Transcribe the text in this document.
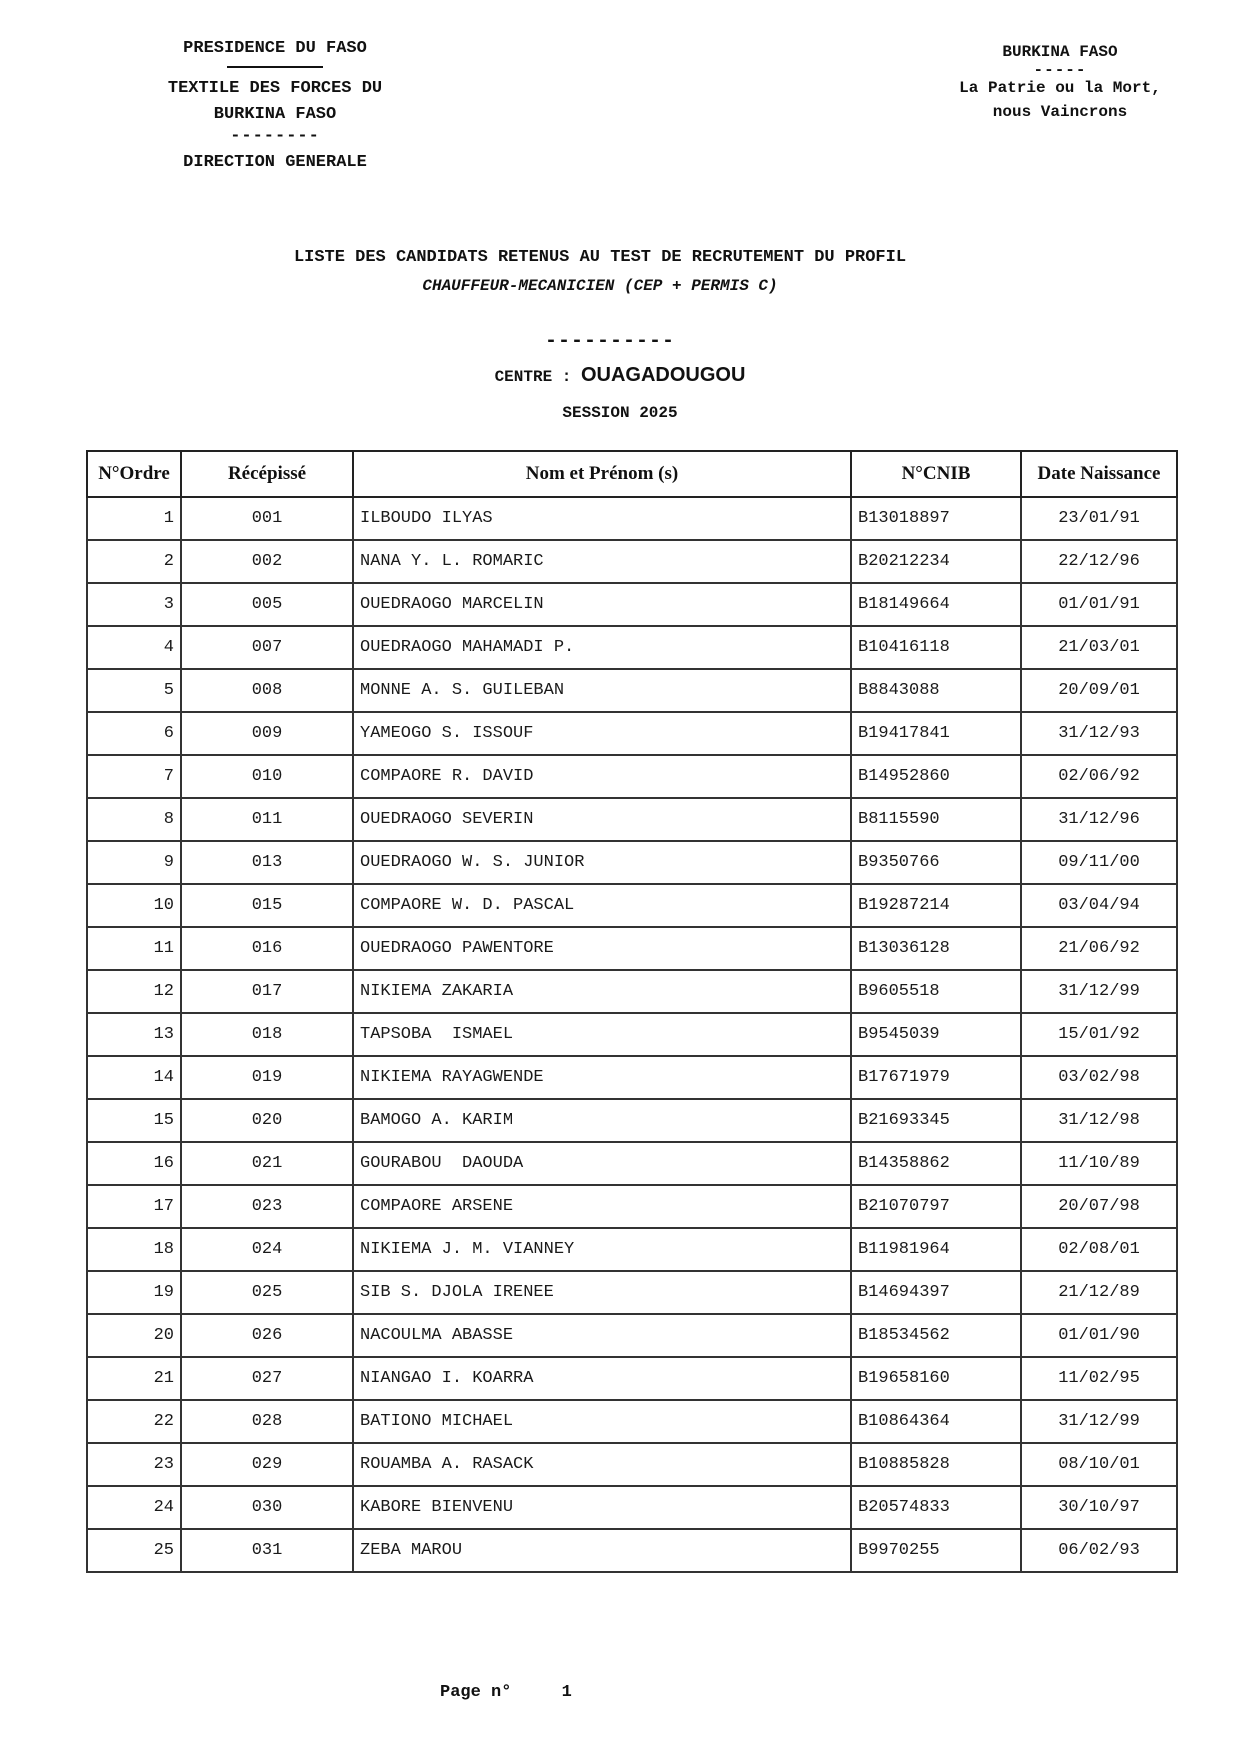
PRESIDENCE DU FASO
TEXTILE DES FORCES DU
BURKINA FASO
--------
DIRECTION GENERALE
BURKINA FASO
-----
La Patrie ou la Mort,
nous Vaincrons
LISTE DES CANDIDATS RETENUS AU TEST DE RECRUTEMENT DU PROFIL
CHAUFFEUR-MECANICIEN (CEP + PERMIS C)
----------
CENTRE : OUAGADOUGOU
SESSION 2025
N°Ordre	Récépissé	Nom et Prénom (s)	N°CNIB	Date Naissance
1	001	ILBOUDO ILYAS	B13018897	23/01/91
2	002	NANA Y. L. ROMARIC	B20212234	22/12/96
3	005	OUEDRAOGO MARCELIN	B18149664	01/01/91
4	007	OUEDRAOGO MAHAMADI P.	B10416118	21/03/01
5	008	MONNE A. S. GUILEBAN	B8843088	20/09/01
6	009	YAMEOGO S. ISSOUF	B19417841	31/12/93
7	010	COMPAORE R. DAVID	B14952860	02/06/92
8	011	OUEDRAOGO SEVERIN	B8115590	31/12/96
9	013	OUEDRAOGO W. S. JUNIOR	B9350766	09/11/00
10	015	COMPAORE W. D. PASCAL	B19287214	03/04/94
11	016	OUEDRAOGO PAWENTORE	B13036128	21/06/92
12	017	NIKIEMA ZAKARIA	B9605518	31/12/99
13	018	TAPSOBA  ISMAEL	B9545039	15/01/92
14	019	NIKIEMA RAYAGWENDE	B17671979	03/02/98
15	020	BAMOGO A. KARIM	B21693345	31/12/98
16	021	GOURABOU  DAOUDA	B14358862	11/10/89
17	023	COMPAORE ARSENE	B21070797	20/07/98
18	024	NIKIEMA J. M. VIANNEY	B11981964	02/08/01
19	025	SIB S. DJOLA IRENEE	B14694397	21/12/89
20	026	NACOULMA ABASSE	B18534562	01/01/90
21	027	NIANGAO I. KOARRA	B19658160	11/02/95
22	028	BATIONO MICHAEL	B10864364	31/12/99
23	029	ROUAMBA A. RASACK	B10885828	08/10/01
24	030	KABORE BIENVENU	B20574833	30/10/97
25	031	ZEBA MAROU	B9970255	06/02/93
Page n°	1
